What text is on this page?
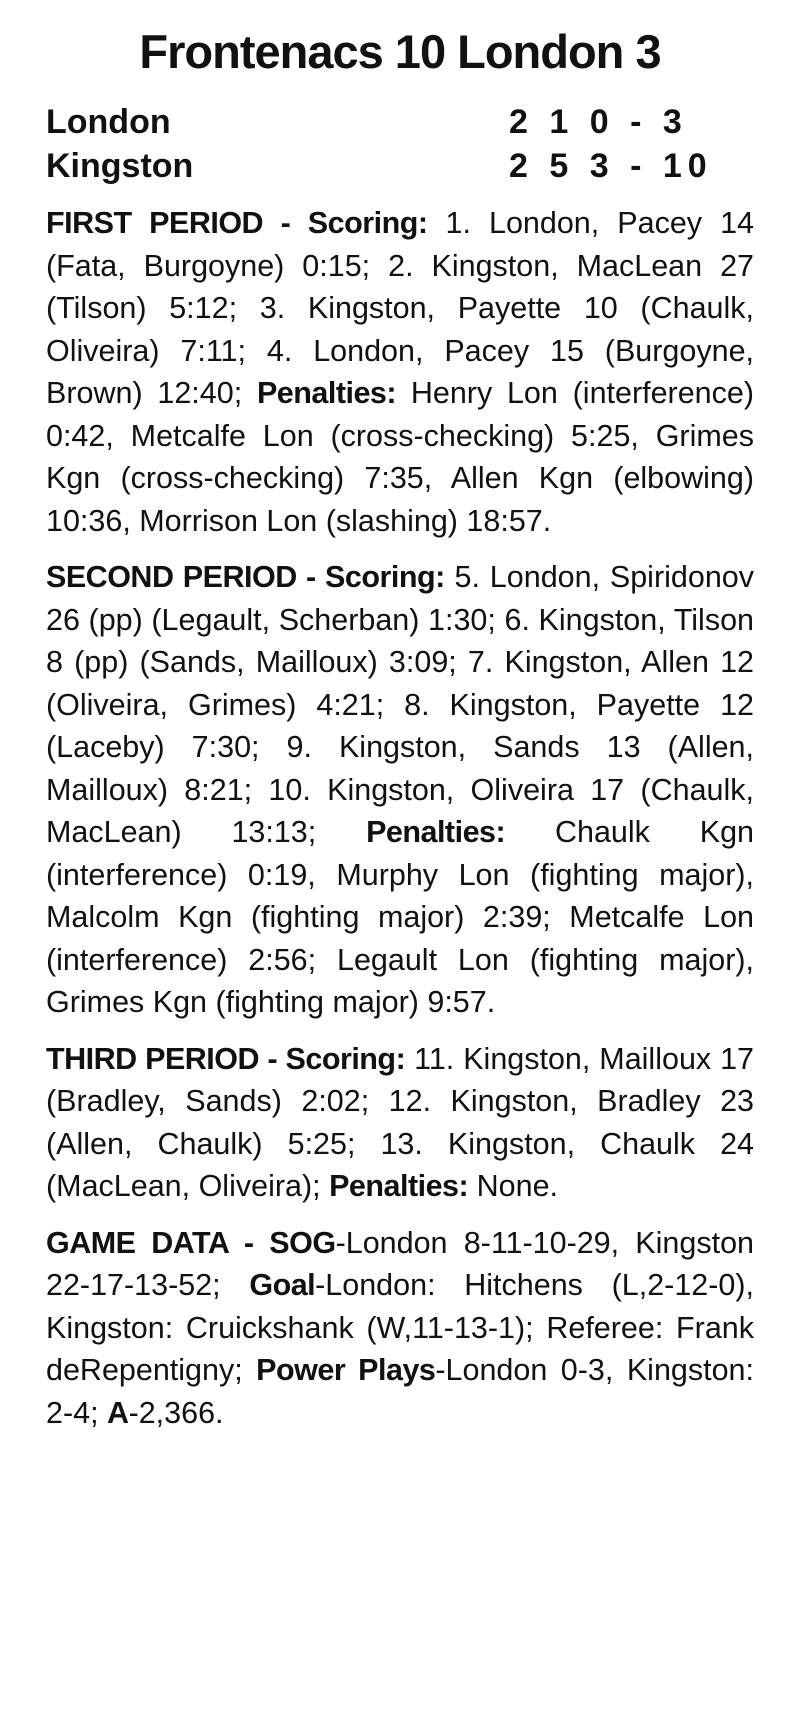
Frontenacs 10 London 3
London	2 1 0 - 3
Kingston	2 5 3 - 10

FIRST PERIOD - Scoring: 1. London, Pacey 14 (Fata, Burgoyne) 0:15; 2. Kingston, MacLean 27 (Tilson) 5:12; 3. Kingston, Payette 10 (Chaulk, Oliveira) 7:11; 4. London, Pacey 15 (Burgoyne, Brown) 12:40; Penalties: Henry Lon (interference) 0:42, Metcalfe Lon (cross-checking) 5:25, Grimes Kgn (cross-checking) 7:35, Allen Kgn (elbowing) 10:36, Morrison Lon (slashing) 18:57.

SECOND PERIOD - Scoring: 5. London, Spiridonov 26 (pp) (Legault, Scherban) 1:30; 6. Kingston, Tilson 8 (pp) (Sands, Mailloux) 3:09; 7. Kingston, Allen 12 (Oliveira, Grimes) 4:21; 8. Kingston, Payette 12 (Laceby) 7:30; 9. Kingston, Sands 13 (Allen, Mailloux) 8:21; 10. Kingston, Oliveira 17 (Chaulk, MacLean) 13:13; Penalties: Chaulk Kgn (interference) 0:19, Murphy Lon (fighting major), Malcolm Kgn (fighting major) 2:39; Metcalfe Lon (interference) 2:56; Legault Lon (fighting major), Grimes Kgn (fighting major) 9:57.

THIRD PERIOD - Scoring: 11. Kingston, Mailloux 17 (Bradley, Sands) 2:02; 12. Kingston, Bradley 23 (Allen, Chaulk) 5:25; 13. Kingston, Chaulk 24 (MacLean, Oliveira); Penalties: None.

GAME DATA - SOG-London 8-11-10-29, Kingston 22-17-13-52; Goal-London: Hitchens (L,2-12-0), Kingston: Cruickshank (W,11-13-1); Referee: Frank deRepentigny; Power Plays-London 0-3, Kingston: 2-4; A-2,366.
